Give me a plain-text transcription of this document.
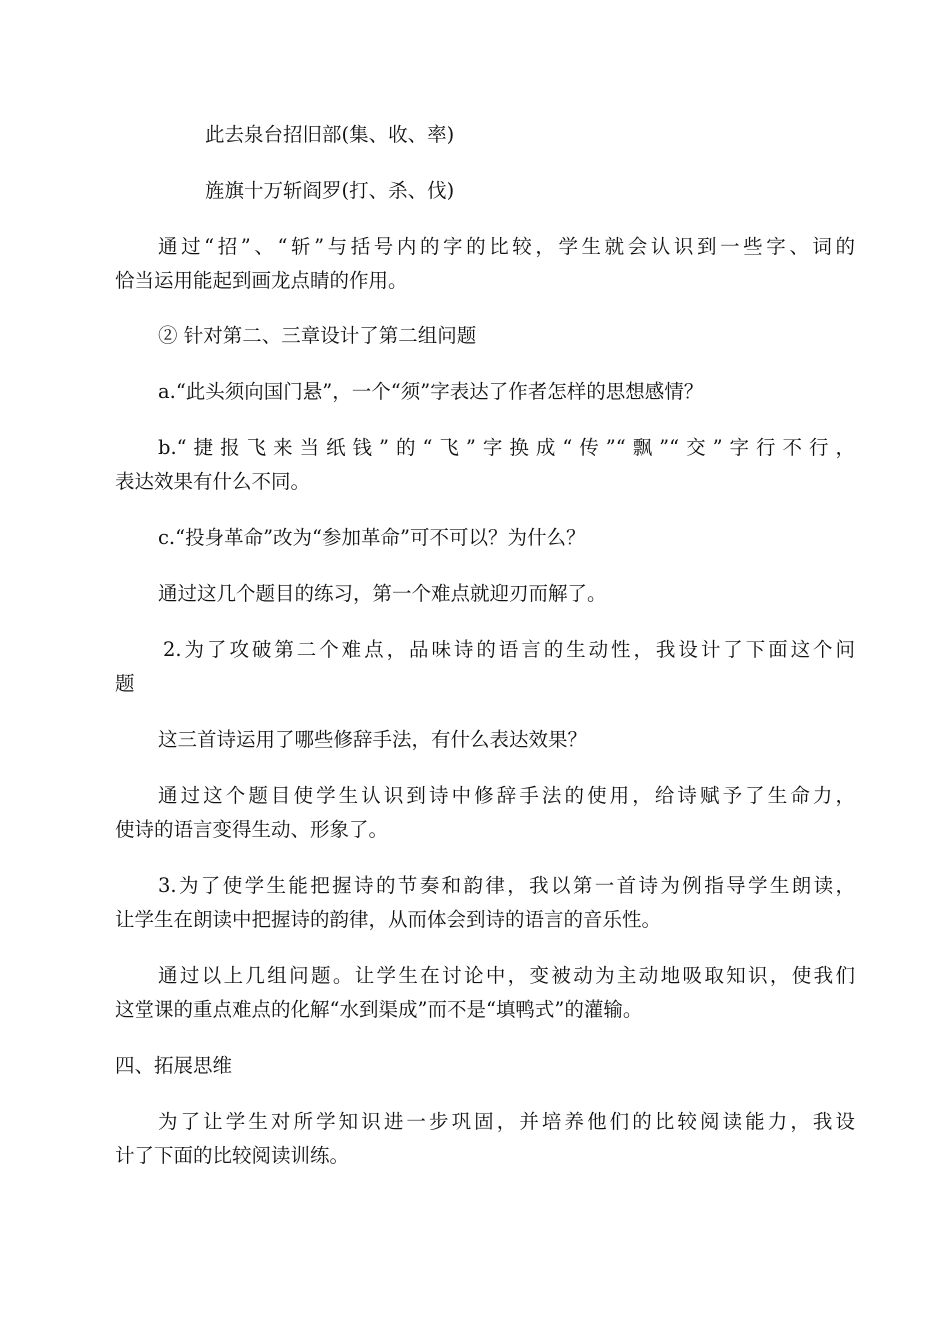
此去泉台招旧部(集、收、率)

旌旗十万斩阎罗(打、杀、伐)

通过“招”、“斩”与括号内的字的比较，学生就会认识到一些字、词的

恰当运用能起到画龙点睛的作用。

② 针对第二、三章设计了第二组问题

a.“此头须向国门悬”，一个“须”字表达了作者怎样的思想感情？

b.“捷报飞来当纸钱”的“飞”字换成“传”“飘”“交”字行不行，

表达效果有什么不同。

c.“投身革命”改为“参加革命”可不可以？为什么？

通过这几个题目的练习，第一个难点就迎刃而解了。

2.为了攻破第二个难点，品味诗的语言的生动性，我设计了下面这个问

题

这三首诗运用了哪些修辞手法，有什么表达效果？

通过这个题目使学生认识到诗中修辞手法的使用，给诗赋予了生命力，

使诗的语言变得生动、形象了。

3.为了使学生能把握诗的节奏和韵律，我以第一首诗为例指导学生朗读，

让学生在朗读中把握诗的韵律，从而体会到诗的语言的音乐性。

通过以上几组问题。让学生在讨论中，变被动为主动地吸取知识，使我们

这堂课的重点难点的化解“水到渠成”而不是“填鸭式”的灌输。

四、拓展思维

为了让学生对所学知识进一步巩固，并培养他们的比较阅读能力，我设

计了下面的比较阅读训练。
